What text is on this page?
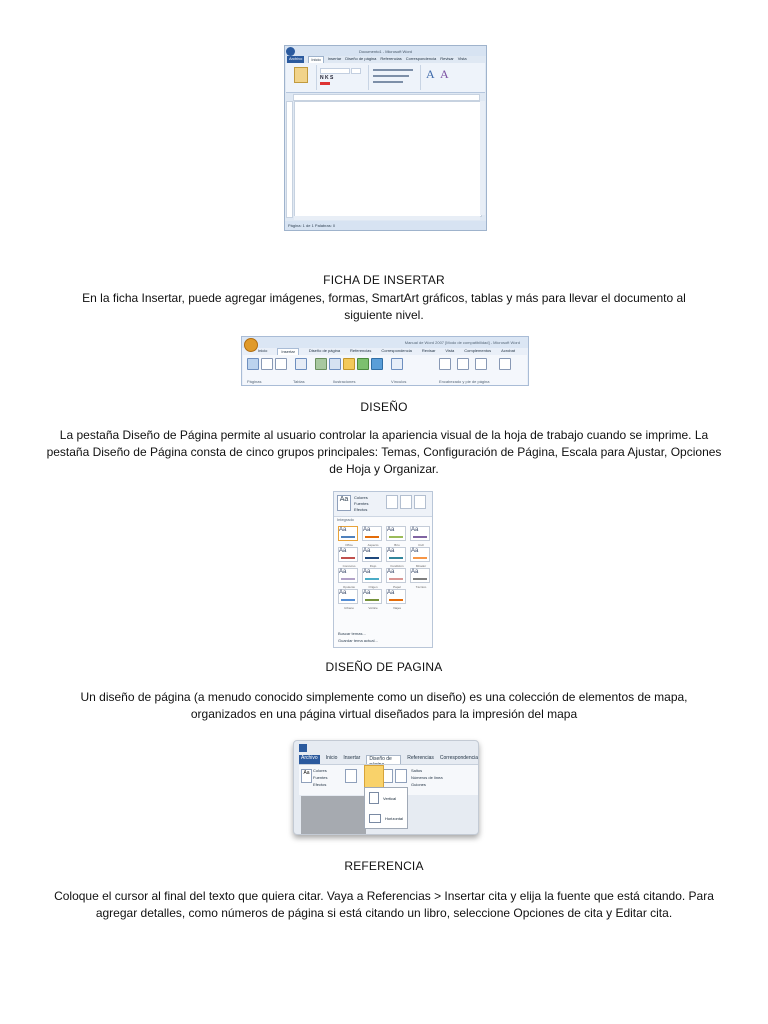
Documento1 - Microsoft Word
Archivo	Inicio	Insertar Diseño de página Referencias Correspondencia Revisar Vista
N K S	A A
Página: 1 de 1 Palabras: 0
FICHA DE INSERTAR
En la ficha Insertar, puede agregar imágenes, formas, SmartArt gráficos, tablas y más para llevar el documento al siguiente nivel.
Manual de Word 2007 [Modo de compatibilidad] - Microsoft Word
Inicio	Insertar	Diseño de página	Referencias	Correspondencia	Revisar	Vista	Complementos	Acrobat
Páginas	Tablas	Ilustraciones	Vínculos	Encabezado y pie de página
DISEÑO
La pestaña Diseño de Página permite al usuario controlar la apariencia visual de la hoja de trabajo cuando se imprime. La pestaña Diseño de Página consta de cinco grupos principales: Temas, Configuración de Página, Escala para Ajustar, Opciones de Hoja y Organizar.
Aa	Colores
Fuentes
Efectos
Integrado
Aa
Office
Aa
Aspecto
Aa
Brío
Aa
Civil
Aa
Concurso
Aa
Flujo
Aa
Fundición
Aa
Mirador
Aa
Opulento
Aa
Origen
Aa
Papel
Aa
Técnico
Aa
Urbano
Aa
Vértice
Aa
Viajes
Buscar temas...
Guardar tema actual...
DISEÑO DE PAGINA
Un diseño de página (a menudo conocido simplemente como un diseño) es una colección de elementos de mapa, organizados en una página virtual diseñados para la impresión del mapa
Archivo	Inicio Insertar	Diseño de	Referencias Correspondencia
Aa Colores
Fuentes
Efectos
Saltos
Números de línea
Guiones
Vertical
Horizontal
REFERENCIA
Coloque el cursor al final del texto que quiera citar. Vaya a Referencias > Insertar cita y elija la fuente que está citando. Para agregar detalles, como números de página si está citando un libro, seleccione Opciones de cita y Editar cita.
